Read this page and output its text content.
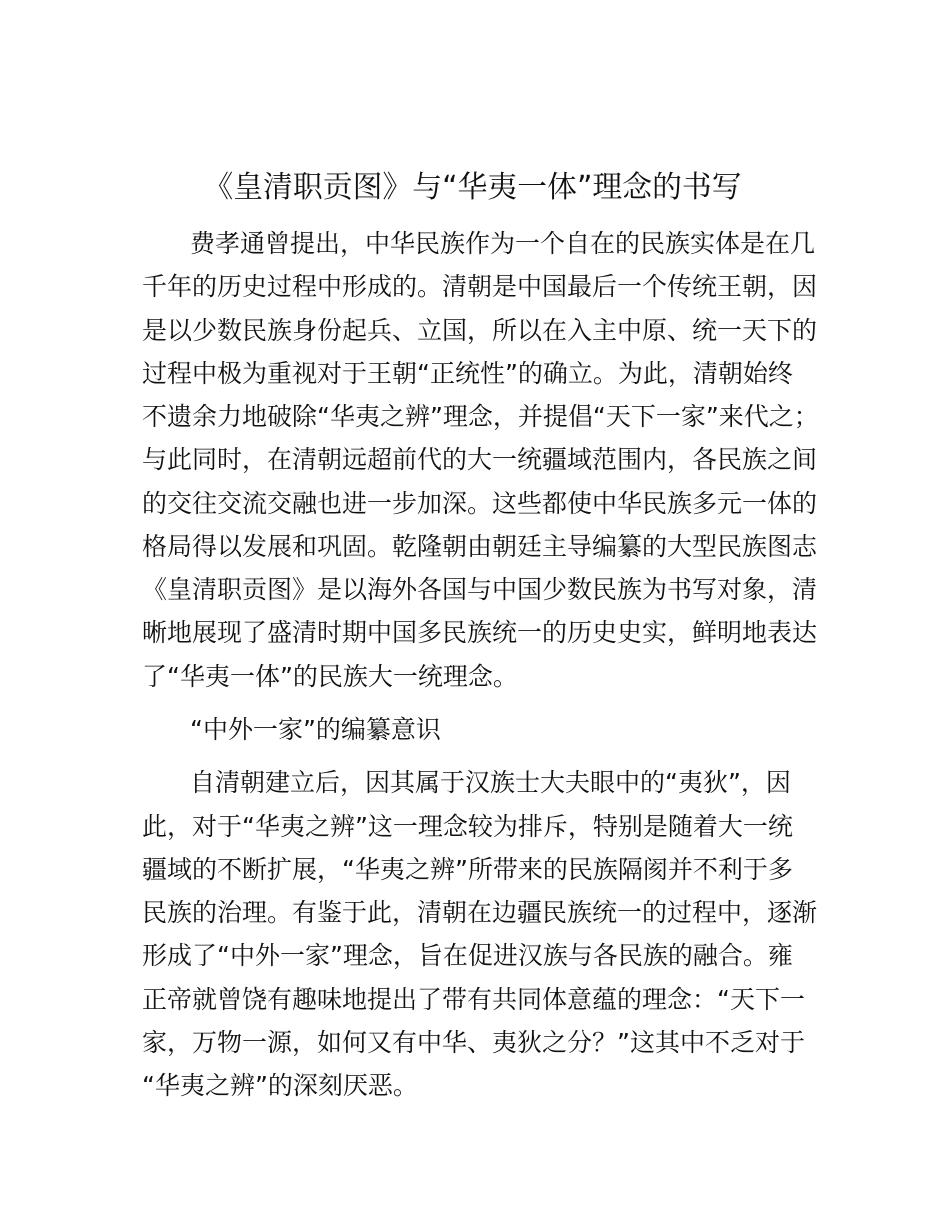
《皇清职贡图》与“华夷一体”理念的书写
费孝通曾提出，中华民族作为一个自在的民族实体是在几
千年的历史过程中形成的。清朝是中国最后一个传统王朝，因
是以少数民族身份起兵、立国，所以在入主中原、统一天下的
过程中极为重视对于王朝“正统性”的确立。为此，清朝始终
不遗余力地破除“华夷之辨”理念，并提倡“天下一家”来代之；
与此同时，在清朝远超前代的大一统疆域范围内，各民族之间
的交往交流交融也进一步加深。这些都使中华民族多元一体的
格局得以发展和巩固。乾隆朝由朝廷主导编纂的大型民族图志
《皇清职贡图》是以海外各国与中国少数民族为书写对象，清
晰地展现了盛清时期中国多民族统一的历史史实，鲜明地表达
了“华夷一体”的民族大一统理念。
“中外一家”的编纂意识
自清朝建立后，因其属于汉族士大夫眼中的“夷狄”，因
此，对于“华夷之辨”这一理念较为排斥，特别是随着大一统
疆域的不断扩展，“华夷之辨”所带来的民族隔阂并不利于多
民族的治理。有鉴于此，清朝在边疆民族统一的过程中，逐渐
形成了“中外一家”理念，旨在促进汉族与各民族的融合。雍
正帝就曾饶有趣味地提出了带有共同体意蕴的理念：“天下一
家，万物一源，如何又有中华、夷狄之分？”这其中不乏对于
“华夷之辨”的深刻厌恶。
